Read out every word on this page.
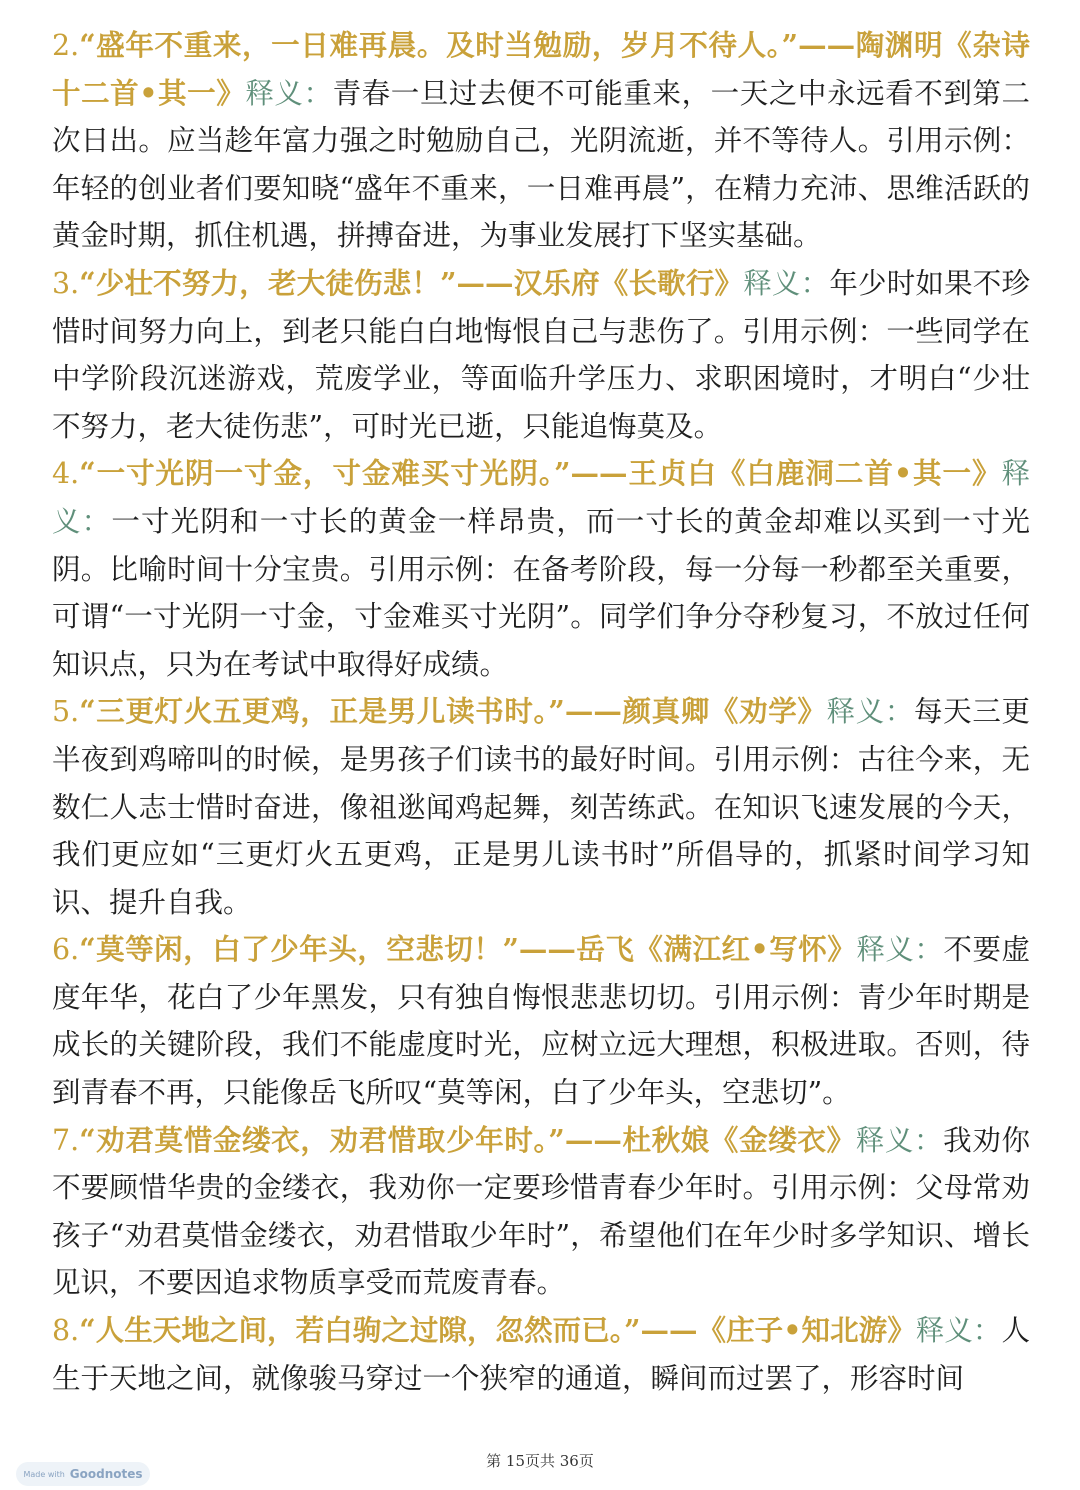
2.“盛年不重来，一日难再晨。及时当勉励，岁月不待人。”——陶渊明《杂诗十二首•其一》释义：青春一旦过去便不可能重来，一天之中永远看不到第二次日出。应当趁年富力强之时勉励自己，光阴流逝，并不等待人。引用示例：年轻的创业者们要知晓“盛年不重来，一日难再晨”，在精力充沛、思维活跃的黄金时期，抓住机遇，拼搏奋进，为事业发展打下坚实基础。

3.“少壮不努力，老大徒伤悲！”——汉乐府《长歌行》释义：年少时如果不珍惜时间努力向上，到老只能白白地悔恨自己与悲伤了。引用示例：一些同学在中学阶段沉迷游戏，荒废学业，等面临升学压力、求职困境时，才明白“少壮不努力，老大徒伤悲”，可时光已逝，只能追悔莫及。

4.“一寸光阴一寸金，寸金难买寸光阴。”——王贞白《白鹿洞二首•其一》释义：一寸光阴和一寸长的黄金一样昂贵，而一寸长的黄金却难以买到一寸光阴。比喻时间十分宝贵。引用示例：在备考阶段，每一分每一秒都至关重要，可谓“一寸光阴一寸金，寸金难买寸光阴”。同学们争分夺秒复习，不放过任何知识点，只为在考试中取得好成绩。

5.“三更灯火五更鸡，正是男儿读书时。”——颜真卿《劝学》释义：每天三更半夜到鸡啼叫的时候，是男孩子们读书的最好时间。引用示例：古往今来，无数仁人志士惜时奋进，像祖逖闻鸡起舞，刻苦练武。在知识飞速发展的今天，我们更应如“三更灯火五更鸡，正是男儿读书时”所倡导的，抓紧时间学习知识、提升自我。

6.“莫等闲，白了少年头，空悲切！”——岳飞《满江红•写怀》释义：不要虚度年华，花白了少年黑发，只有独自悔恨悲悲切切。引用示例：青少年时期是成长的关键阶段，我们不能虚度时光，应树立远大理想，积极进取。否则，待到青春不再，只能像岳飞所叹“莫等闲，白了少年头，空悲切”。

7.“劝君莫惜金缕衣，劝君惜取少年时。”——杜秋娘《金缕衣》释义：我劝你不要顾惜华贵的金缕衣，我劝你一定要珍惜青春少年时。引用示例：父母常劝孩子“劝君莫惜金缕衣，劝君惜取少年时”，希望他们在年少时多学知识、增长见识，不要因追求物质享受而荒废青春。

8.“人生天地之间，若白驹之过隙，忽然而已。”——《庄子•知北游》释义：人生于天地之间，就像骏马穿过一个狭窄的通道，瞬间而过罢了，形容时间

第 15页共 36页
Made with Goodnotes
